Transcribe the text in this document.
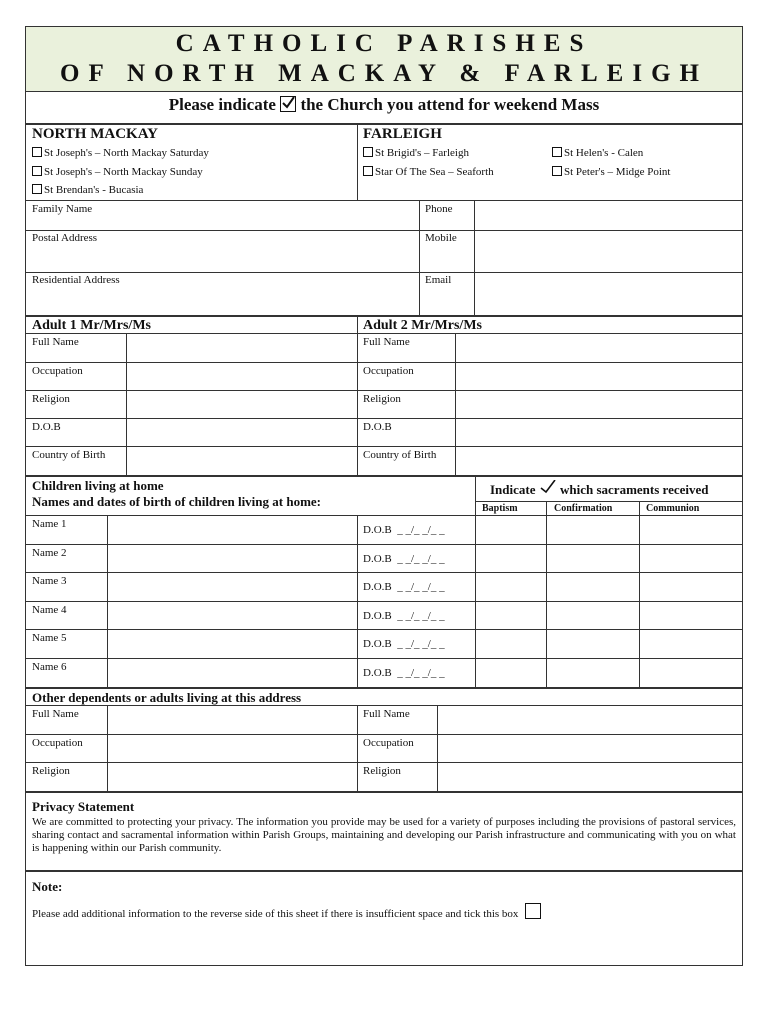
CATHOLIC PARISHES
OF NORTH MACKAY & FARLEIGH
Please indicate the Church you attend for weekend Mass
NORTH MACKAY	FARLEIGH
St Joseph's – North Mackay Saturday
St Joseph's – North Mackay Sunday
St Brendan's - Bucasia
St Brigid's – Farleigh
Star Of The Sea – Seaforth
St Helen's - Calen
St Peter's – Midge Point
Family Name	Phone
Postal Address	Mobile
Residential Address	Email
Adult 1 Mr/Mrs/Ms	Adult 2 Mr/Mrs/Ms
Full Name	Full Name
Occupation	Occupation
Religion	Religion
D.O.B	D.O.B
Country of Birth	Country of Birth
Children living at home
Names and dates of birth of children living at home:
Indicate which sacraments received
Baptism	Confirmation	Communion
Name 1	D.O.B  _ _/_ _/_ _
Name 2	D.O.B  _ _/_ _/_ _
Name 3	D.O.B  _ _/_ _/_ _
Name 4	D.O.B  _ _/_ _/_ _
Name 5	D.O.B  _ _/_ _/_ _
Name 6	D.O.B  _ _/_ _/_ _
Other dependents or adults living at this address
Full Name	Full Name
Occupation	Occupation
Religion	Religion
Privacy Statement
We are committed to protecting your privacy. The information you provide may be used for a variety of purposes including the provisions of pastoral services, sharing contact and sacramental information within Parish Groups, maintaining and developing our Parish infrastructure and communicating with you on what is happening within our Parish community.
Note:
Please add additional information to the reverse side of this sheet if there is insufficient space and tick this box
